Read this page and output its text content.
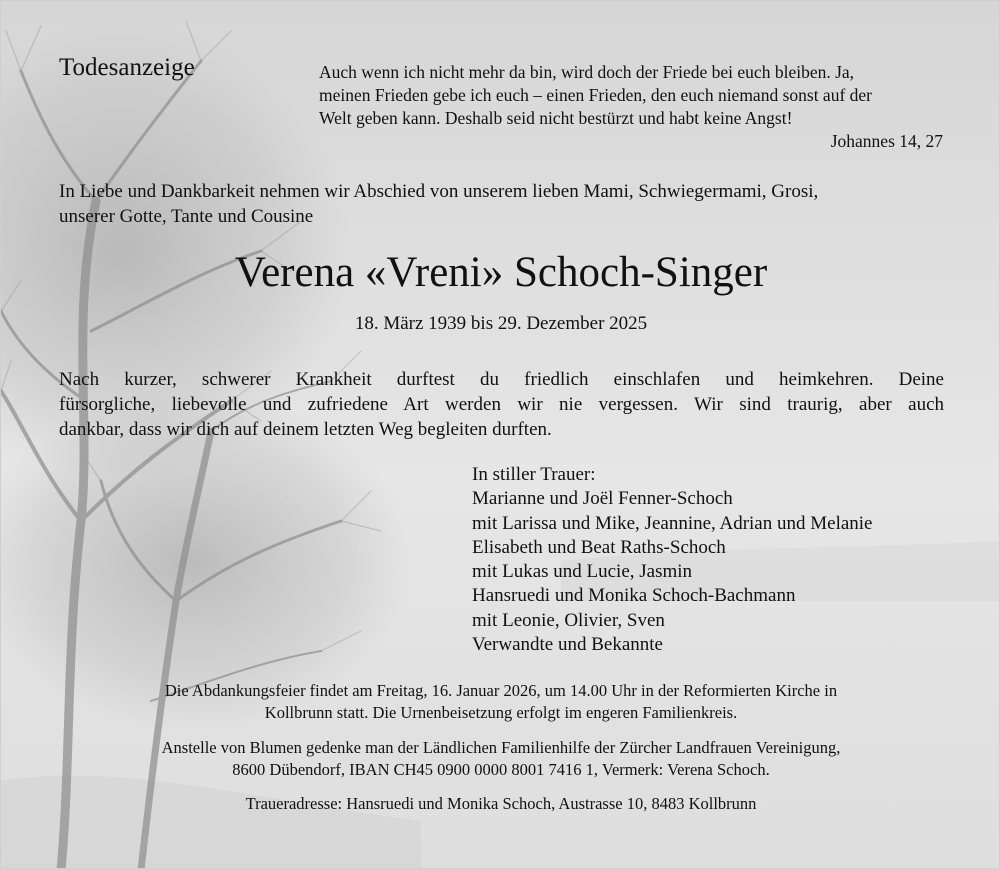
Todesanzeige	Auch wenn ich nicht mehr da bin, wird doch der Friede bei euch bleiben. Ja,
meinen Frieden gebe ich euch – einen Frieden, den euch niemand sonst auf der
Welt geben kann. Deshalb seid nicht bestürzt und habt keine Angst!
Johannes 14, 27
In Liebe und Dankbarkeit nehmen wir Abschied von unserem lieben Mami, Schwiegermami, Grosi,
unserer Gotte, Tante und Cousine
Verena «Vreni» Schoch-Singer
18. März 1939 bis 29. Dezember 2025
Nach kurzer, schwerer Krankheit durftest du friedlich einschlafen und heimkehren. Deine
fürsorgliche, liebevolle und zufriedene Art werden wir nie vergessen. Wir sind traurig, aber auch
dankbar, dass wir dich auf deinem letzten Weg begleiten durften.
In stiller Trauer:
Marianne und Joël Fenner-Schoch
mit Larissa und Mike, Jeannine, Adrian und Melanie
Elisabeth und Beat Raths-Schoch
mit Lukas und Lucie, Jasmin
Hansruedi und Monika Schoch-Bachmann
mit Leonie, Olivier, Sven
Verwandte und Bekannte
Die Abdankungsfeier findet am Freitag, 16. Januar 2026, um 14.00 Uhr in der Reformierten Kirche in
Kollbrunn statt. Die Urnenbeisetzung erfolgt im engeren Familienkreis.
Anstelle von Blumen gedenke man der Ländlichen Familienhilfe der Zürcher Landfrauen Vereinigung,
8600 Dübendorf, IBAN CH45 0900 0000 8001 7416 1, Vermerk: Verena Schoch.
Traueradresse: Hansruedi und Monika Schoch, Austrasse 10, 8483 Kollbrunn
